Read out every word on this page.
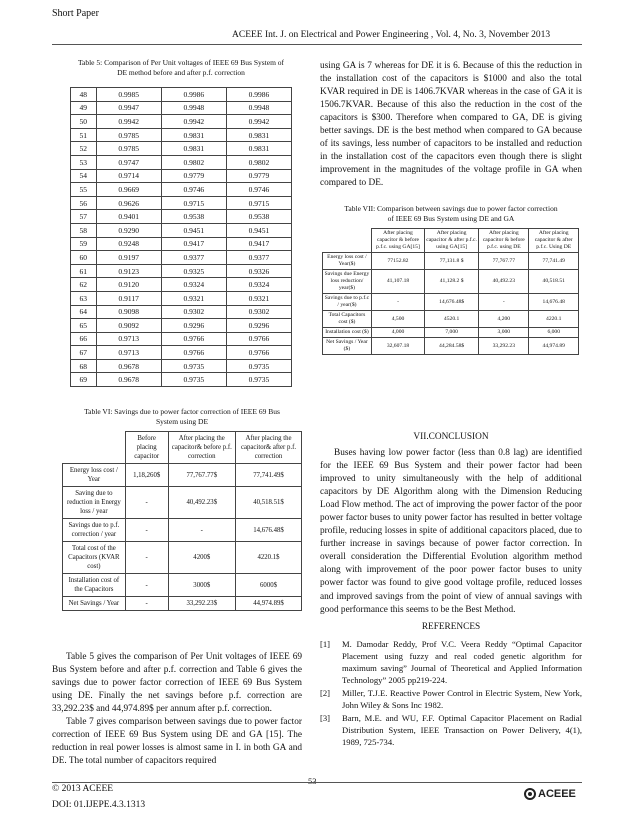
Short Paper
ACEEE Int. J. on Electrical and Power Engineering , Vol. 4, No. 3, November 2013
Table 5: Comparison of Per Unit voltages of IEEE 69 Bus System of
DE method before and after p.f. correction
48	0.9985	0.9986	0.9986
49	0.9947	0.9948	0.9948
50	0.9942	0.9942	0.9942
51	0.9785	0.9831	0.9831
52	0.9785	0.9831	0.9831
53	0.9747	0.9802	0.9802
54	0.9714	0.9779	0.9779
55	0.9669	0.9746	0.9746
56	0.9626	0.9715	0.9715
57	0.9401	0.9538	0.9538
58	0.9290	0.9451	0.9451
59	0.9248	0.9417	0.9417
60	0.9197	0.9377	0.9377
61	0.9123	0.9325	0.9326
62	0.9120	0.9324	0.9324
63	0.9117	0.9321	0.9321
64	0.9098	0.9302	0.9302
65	0.9092	0.9296	0.9296
66	0.9713	0.9766	0.9766
67	0.9713	0.9766	0.9766
68	0.9678	0.9735	0.9735
69	0.9678	0.9735	0.9735
Table VI: Savings due to power factor correction of IEEE 69 Bus
System using DE
	Before placing capacitor	After placing the capacitor& before p.f. correction	After placing the capacitor& after p.f. correction
Energy loss cost / Year	1,18,260$	77,767.77$	77,741.49$
Saving due to reduction in Energy loss / year	-	40,492.23$	40,518.51$
Savings due to p.f. correction / year	-	-	14,676.48$
Total cost of the Capacitors (KVAR cost)	-	4200$	4220.1$
Installation cost of the Capacitors	-	3000$	6000$
Net Savings / Year	-	33,292.23$	44,974.89$

Table 5 gives the comparison of Per Unit voltages of IEEE 69 Bus System before and after p.f. correction and Table 6 gives the savings due to power factor correction of IEEE 69 Bus System using DE. Finally the net savings before p.f. correction are 33,292.23$ and 44,974.89$ per annum after p.f. correction.

Table 7 gives comparison between savings due to power factor correction of IEEE 69 Bus System using DE and GA [15]. The reduction in real power losses is almost same in I. in both GA and DE. The total number of capacitors required

using GA is 7 whereas for DE it is 6. Because of this the reduction in the installation cost of the capacitors is $1000 and also the total KVAR required in DE is 1406.7KVAR whereas in the case of GA it is 1506.7KVAR. Because of this also the reduction in the cost of the capacitors is $300. Therefore when compared to GA, DE is giving better savings. DE is the best method when compared to GA because of its savings, less number of capacitors to be installed and reduction in the installation cost of the capacitors even though there is slight improvement in the magnitudes of the voltage profile in GA when compared to DE.

Table VII: Comparison between savings due to power factor correction
of IEEE 69 Bus System using DE and GA
	After placing capacitor & before p.f.c. using GA[15]	After placing capacitor & after p.f.c. using GA[15]	After placing capacitor & before p.f.c. using DE	After placing capacitor & after p.f.c. Using DE
Energy loss cost / Year($)	77152.82	77,131.8 $	77,767.77	77,741.49
Savings due Energy loss reduction/ year($)	41,107.18	41,128.2 $	40,492.23	40,518.51
Savings due to p.f.c / year($)	-	14,676.48$	-	14,676.48
Total Capacitors cost ($)	4,500	4520.1	4,200	4220.1
Installation cost ($)	4,000	7,000	3,000	6,000
Net Savings / Year ($)	32,607.18	44,284.58$	33,292.23	44,974.89
VII.CONCLUSION

Buses having low power factor (less than 0.8 lag) are identified for the IEEE 69 Bus System and their power factor had been improved to unity simultaneously with the help of additional capacitors by DE Algorithm along with the Dimension Reducing Load Flow method. The act of improving the power factor of the poor power factor buses to unity power factor has resulted in better voltage profile, reducing losses in spite of additional capacitors placed, due to further increase in savings because of power factor correction. In overall consideration the Differential Evolution algorithm method along with improvement of the poor power factor buses to unity power factor was found to give good voltage profile, reduced losses and improved savings from the point of view of annual savings with good performance this seems to be the Best Method.

REFERENCES
[1]	M. Damodar Reddy, Prof V.C. Veera Reddy “Optimal Capacitor Placement using fuzzy and real coded genetic algorithm for maximum saving” Journal of Theoretical and Applied Information Technology” 2005 pp219-224.
[2]	Miller, T.J.E. Reactive Power Control in Electric System, New York, John Wiley & Sons Inc 1982.
[3]	Barn, M.E. and WU, F.F. Optimal Capacitor Placement on Radial Distribution System, IEEE Transaction on Power Delivery, 4(1), 1989, 725-734.
53
© 2013 ACEEE
DOI: 01.IJEPE.4.3.1313
ACEEE
